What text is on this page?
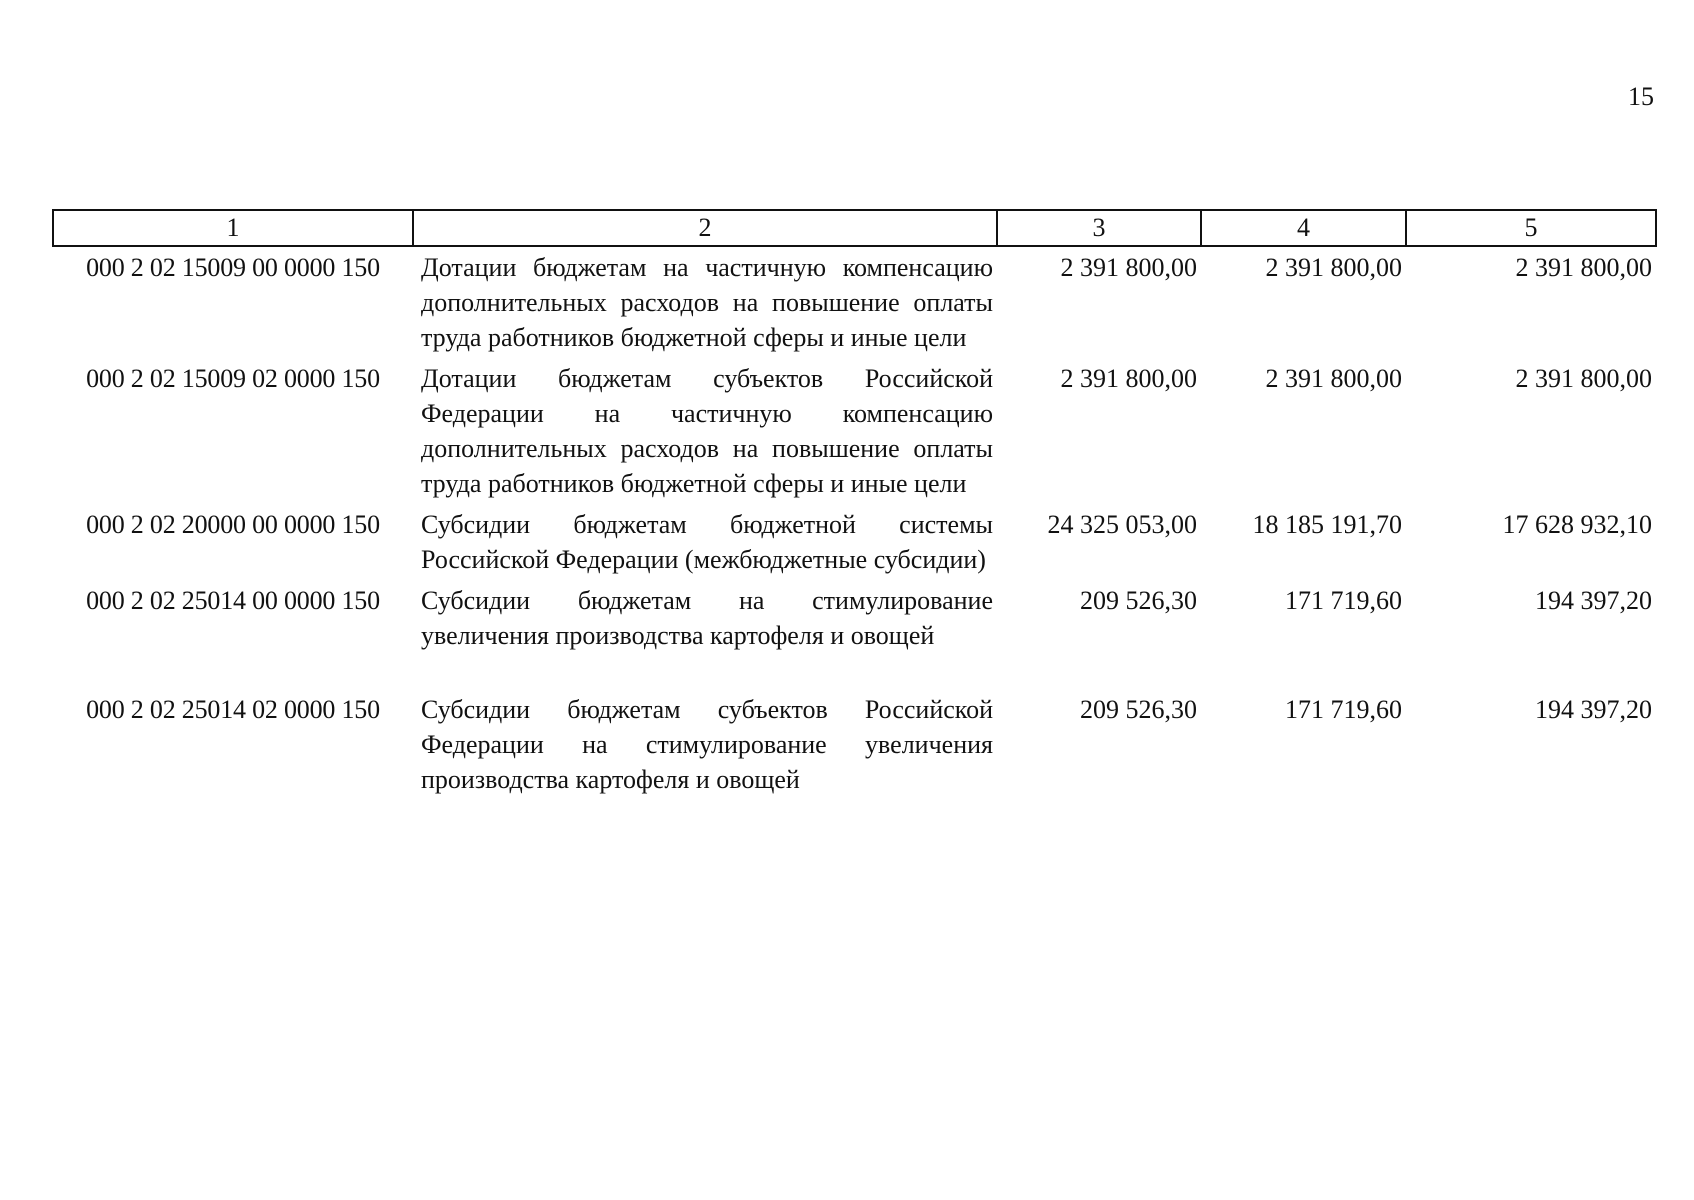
15
1	2	3	4	5
000 2 02 15009 00 0000 150	Дотации бюджетам на частичную компенсацию дополнительных расходов на повышение оплаты труда работников бюджетной сферы и иные цели	2 391 800,00	2 391 800,00	2 391 800,00
000 2 02 15009 02 0000 150	Дотации бюджетам субъектов Российской Федерации на частичную компенсацию дополнительных расходов на повышение оплаты труда работников бюджетной сферы и иные цели	2 391 800,00	2 391 800,00	2 391 800,00
000 2 02 20000 00 0000 150	Субсидии бюджетам бюджетной системы Российской Федерации (межбюджетные субсидии)	24 325 053,00	18 185 191,70	17 628 932,10
000 2 02 25014 00 0000 150	Субсидии бюджетам на стимулирование увеличения производства картофеля и овощей	209 526,30	171 719,60	194 397,20
000 2 02 25014 02 0000 150	Субсидии бюджетам субъектов Российской Федерации на стимулирование увеличения производства картофеля и овощей	209 526,30	171 719,60	194 397,20
